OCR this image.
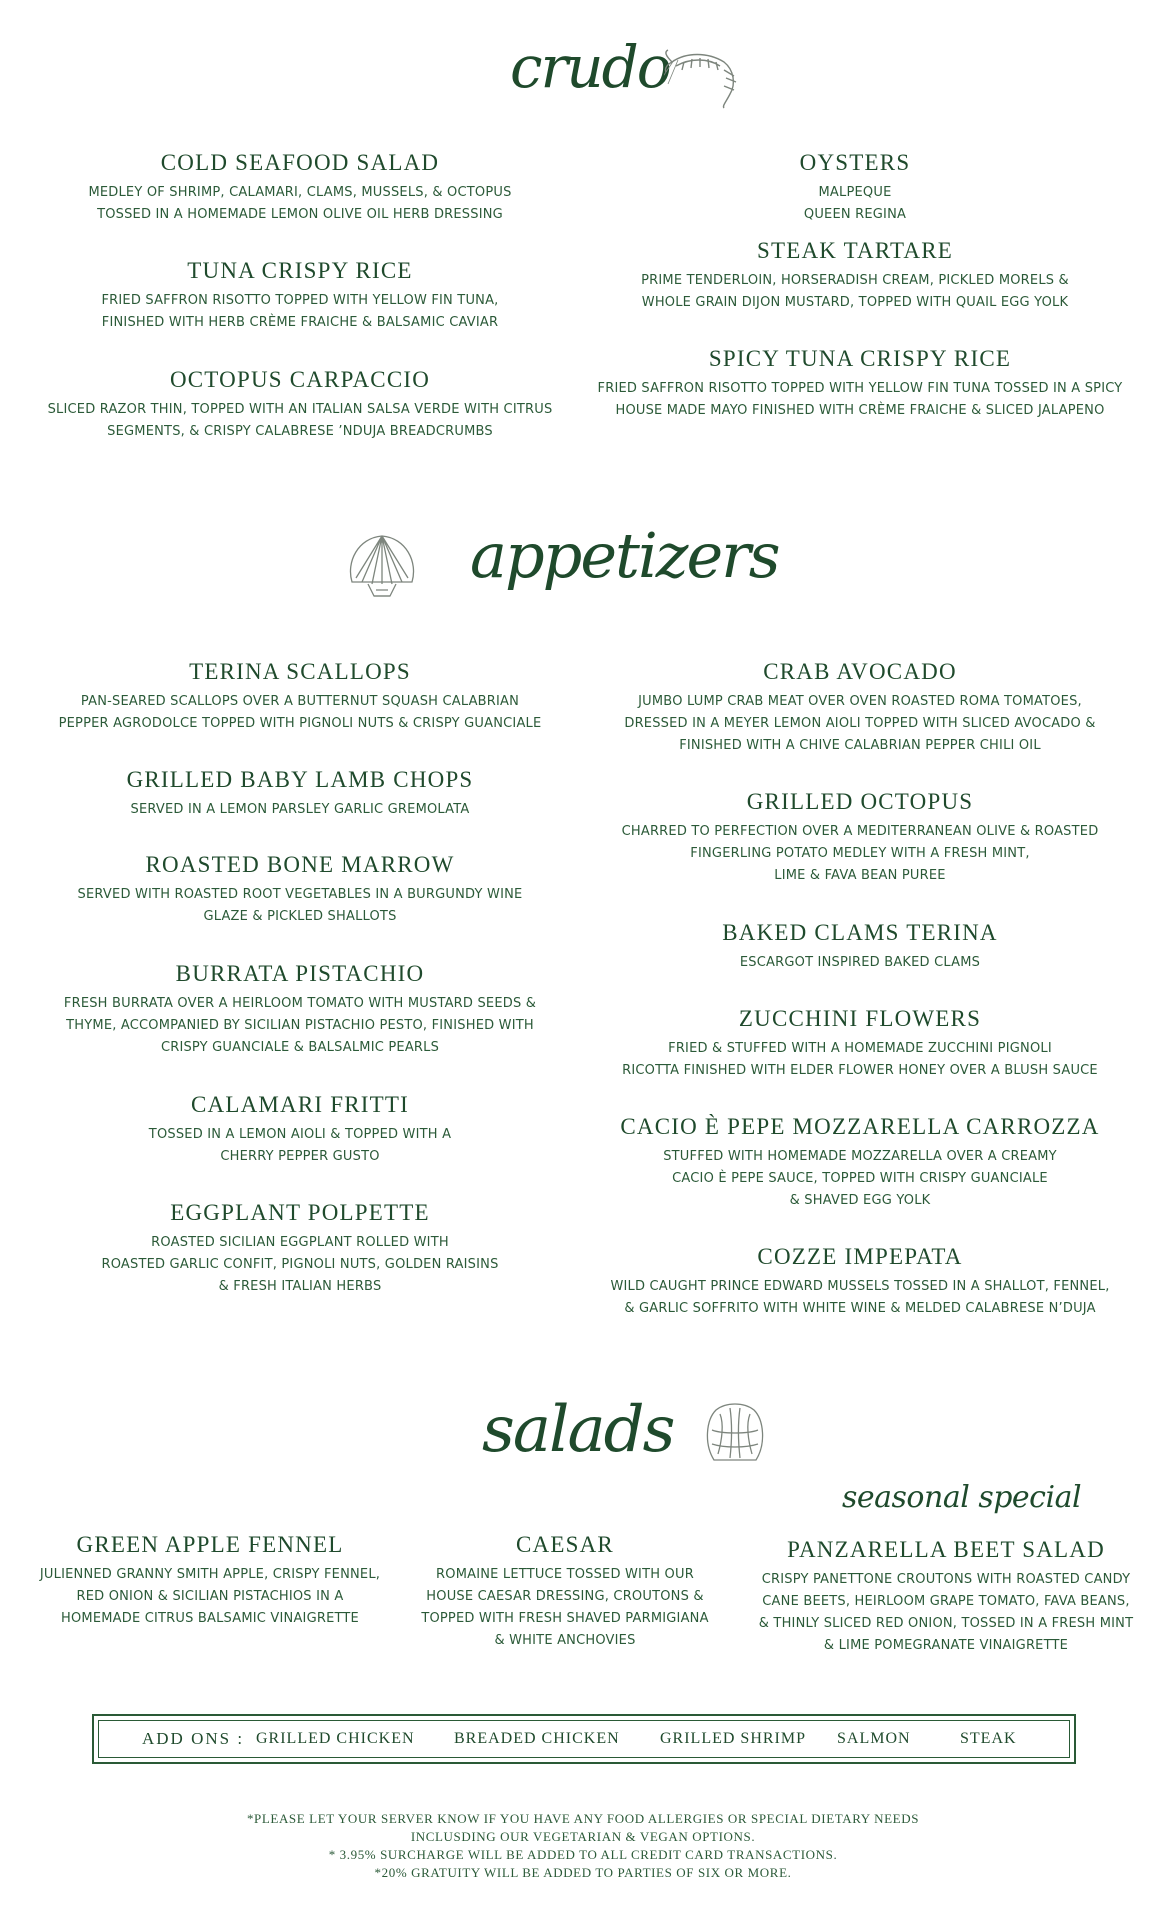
crudo
COLD SEAFOOD SALAD
MEDLEY OF SHRIMP, CALAMARI, CLAMS, MUSSELS, & OCTOPUS
TOSSED IN A HOMEMADE LEMON OLIVE OIL HERB DRESSING
TUNA CRISPY RICE
FRIED SAFFRON RISOTTO TOPPED WITH YELLOW FIN TUNA,
FINISHED WITH HERB CRÈME FRAICHE & BALSAMIC CAVIAR
OCTOPUS CARPACCIO
SLICED RAZOR THIN, TOPPED WITH AN ITALIAN SALSA VERDE WITH CITRUS
SEGMENTS, & CRISPY CALABRESE ’NDUJA BREADCRUMBS
OYSTERS
MALPEQUE
QUEEN REGINA
STEAK TARTARE
PRIME TENDERLOIN, HORSERADISH CREAM, PICKLED MORELS &
WHOLE GRAIN DIJON MUSTARD, TOPPED WITH QUAIL EGG YOLK
SPICY TUNA CRISPY RICE
FRIED SAFFRON RISOTTO TOPPED WITH YELLOW FIN TUNA TOSSED IN A SPICY
HOUSE MADE MAYO FINISHED WITH CRÈME FRAICHE & SLICED JALAPENO
appetizers
TERINA SCALLOPS
PAN-SEARED SCALLOPS OVER A BUTTERNUT SQUASH CALABRIAN
PEPPER AGRODOLCE TOPPED WITH PIGNOLI NUTS & CRISPY GUANCIALE
GRILLED BABY LAMB CHOPS
SERVED IN A LEMON PARSLEY GARLIC GREMOLATA
ROASTED BONE MARROW
SERVED WITH ROASTED ROOT VEGETABLES IN A BURGUNDY WINE
GLAZE & PICKLED SHALLOTS
BURRATA PISTACHIO
FRESH BURRATA OVER A HEIRLOOM TOMATO WITH MUSTARD SEEDS &
THYME, ACCOMPANIED BY SICILIAN PISTACHIO PESTO, FINISHED WITH
CRISPY GUANCIALE & BALSALMIC PEARLS
CALAMARI FRITTI
TOSSED IN A LEMON AIOLI & TOPPED WITH A
CHERRY PEPPER GUSTO
EGGPLANT POLPETTE
ROASTED SICILIAN EGGPLANT ROLLED WITH
ROASTED GARLIC CONFIT, PIGNOLI NUTS, GOLDEN RAISINS
& FRESH ITALIAN HERBS
CRAB AVOCADO
JUMBO LUMP CRAB MEAT OVER OVEN ROASTED ROMA TOMATOES,
DRESSED IN A MEYER LEMON AIOLI TOPPED WITH SLICED AVOCADO &
FINISHED WITH A CHIVE CALABRIAN PEPPER CHILI OIL
GRILLED OCTOPUS
CHARRED TO PERFECTION OVER A MEDITERRANEAN OLIVE & ROASTED
FINGERLING POTATO MEDLEY WITH A FRESH MINT,
LIME & FAVA BEAN PUREE
BAKED CLAMS TERINA
ESCARGOT INSPIRED BAKED CLAMS
ZUCCHINI FLOWERS
FRIED & STUFFED WITH A HOMEMADE ZUCCHINI PIGNOLI
RICOTTA FINISHED WITH ELDER FLOWER HONEY OVER A BLUSH SAUCE
CACIO È PEPE MOZZARELLA CARROZZA
STUFFED WITH HOMEMADE MOZZARELLA OVER A CREAMY
CACIO È PEPE SAUCE, TOPPED WITH CRISPY GUANCIALE
& SHAVED EGG YOLK
COZZE IMPEPATA
WILD CAUGHT PRINCE EDWARD MUSSELS TOSSED IN A SHALLOT, FENNEL,
& GARLIC SOFFRITO WITH WHITE WINE & MELDED CALABRESE N’DUJA
salads
seasonal special
GREEN APPLE FENNEL
JULIENNED GRANNY SMITH APPLE, CRISPY FENNEL,
RED ONION & SICILIAN PISTACHIOS IN A
HOMEMADE CITRUS BALSAMIC VINAIGRETTE
CAESAR
ROMAINE LETTUCE TOSSED WITH OUR
HOUSE CAESAR DRESSING, CROUTONS &
TOPPED WITH FRESH SHAVED PARMIGIANA
& WHITE ANCHOVIES
PANZARELLA BEET SALAD
CRISPY PANETTONE CROUTONS WITH ROASTED CANDY
CANE BEETS, HEIRLOOM GRAPE TOMATO, FAVA BEANS,
& THINLY SLICED RED ONION, TOSSED IN A FRESH MINT
& LIME POMEGRANATE VINAIGRETTE
ADD ONS : GRILLED CHICKEN BREADED CHICKEN	GRILLED SHRIMP SALMON	STEAK
*PLEASE LET YOUR SERVER KNOW IF YOU HAVE ANY FOOD ALLERGIES OR SPECIAL DIETARY NEEDS
INCLUSDING OUR VEGETARIAN & VEGAN OPTIONS.
* 3.95% SURCHARGE WILL BE ADDED TO ALL CREDIT CARD TRANSACTIONS.
*20% GRATUITY WILL BE ADDED TO PARTIES OF SIX OR MORE.
